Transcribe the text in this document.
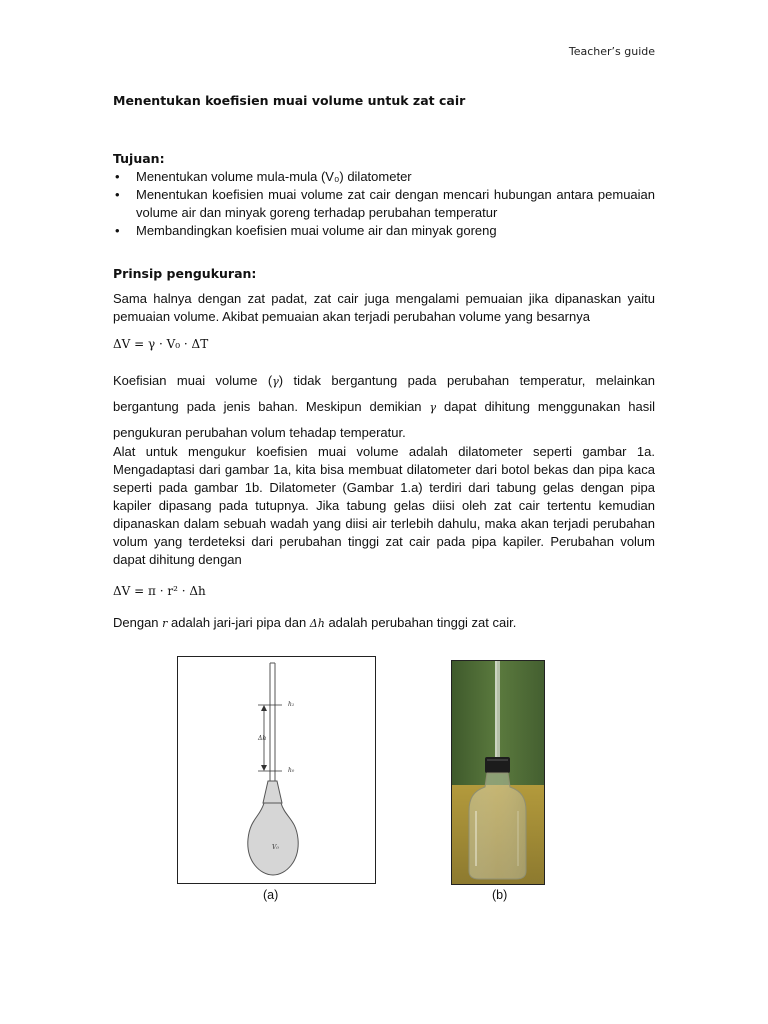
Teacher’s guide
Menentukan koefisien muai volume untuk zat cair
Tujuan:
• Menentukan volume mula-mula (V₀) dilatometer
• Menentukan koefisien muai volume zat cair dengan mencari hubungan antara pemuaian volume air dan minyak goreng terhadap perubahan temperatur
• Membandingkan koefisien muai volume air dan minyak goreng
Prinsip pengukuran:
Sama halnya dengan zat padat, zat cair juga mengalami pemuaian jika dipanaskan yaitu pemuaian volume. Akibat pemuaian akan terjadi perubahan volume yang besarnya
ΔV = γ · V₀ · ΔT
Koefisian muai volume (γ) tidak bergantung pada perubahan temperatur, melainkan bergantung pada jenis bahan. Meskipun demikian γ dapat dihitung menggunakan hasil pengukuran perubahan volum tehadap temperatur.
Alat untuk mengukur koefisien muai volume adalah dilatometer seperti gambar 1a. Mengadaptasi dari gambar 1a, kita bisa membuat dilatometer dari botol bekas dan pipa kaca seperti pada gambar 1b. Dilatometer (Gambar 1.a) terdiri dari tabung gelas dengan pipa kapiler dipasang pada tutupnya. Jika tabung gelas diisi oleh zat cair tertentu kemudian dipanaskan dalam sebuah wadah yang diisi air terlebih dahulu, maka akan terjadi perubahan volum yang terdeteksi dari perubahan tinggi zat cair pada pipa kapiler. Perubahan volum dapat dihitung dengan
ΔV = π · r² · Δh
Dengan r adalah jari-jari pipa dan Δh adalah perubahan tinggi zat cair.
h₁
Δh
h₀
V₀
(a)	(b)
